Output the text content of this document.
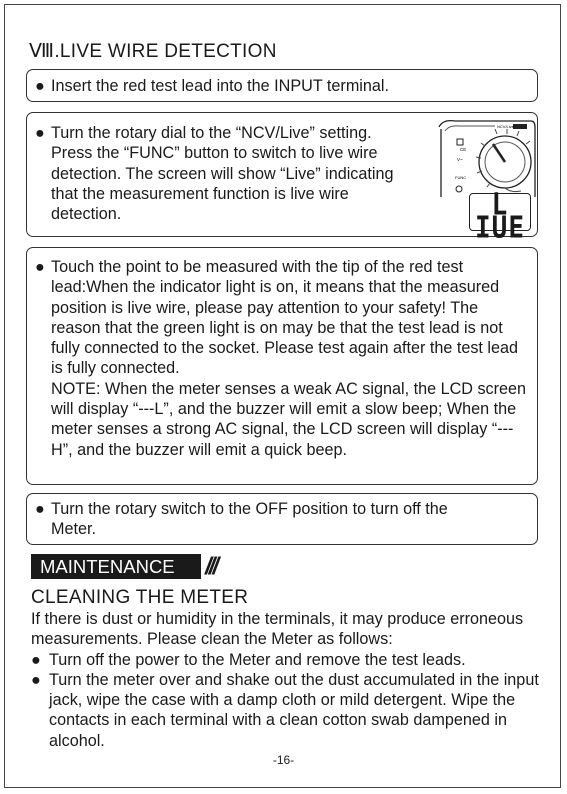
Ⅷ.LIVE WIRE DETECTION
● Insert the red test lead into the INPUT terminal.
● Turn the rotary dial to the “NCV/Live” setting. Press the “FUNC” button to switch to live wire detection. The screen will show “Live” indicating that the measurement function is live wire detection.
NCV/Live
CE
V~
FUNC
L IUE
● Touch the point to be measured with the tip of the red test lead:When the indicator light is on, it means that the measured position is live wire, please pay attention to your safety! The reason that the green light is on may be that the test lead is not fully connected to the socket. Please test again after the test lead is fully connected.

NOTE: When the meter senses a weak AC signal, the LCD screen will display “---L”, and the buzzer will emit a slow beep; When the meter senses a strong AC signal, the LCD screen will display “---H”, and the buzzer will emit a quick beep.

● Turn the rotary switch to the OFF position to turn off the Meter.
MAINTENANCE	///
CLEANING THE METER

If there is dust or humidity in the terminals, it may produce erroneous measurements. Please clean the Meter as follows:

● Turn off the power to the Meter and remove the test leads.
● Turn the meter over and shake out the dust accumulated in the input jack, wipe the case with a damp cloth or mild detergent. Wipe the contacts in each terminal with a clean cotton swab dampened in alcohol.
-16-
